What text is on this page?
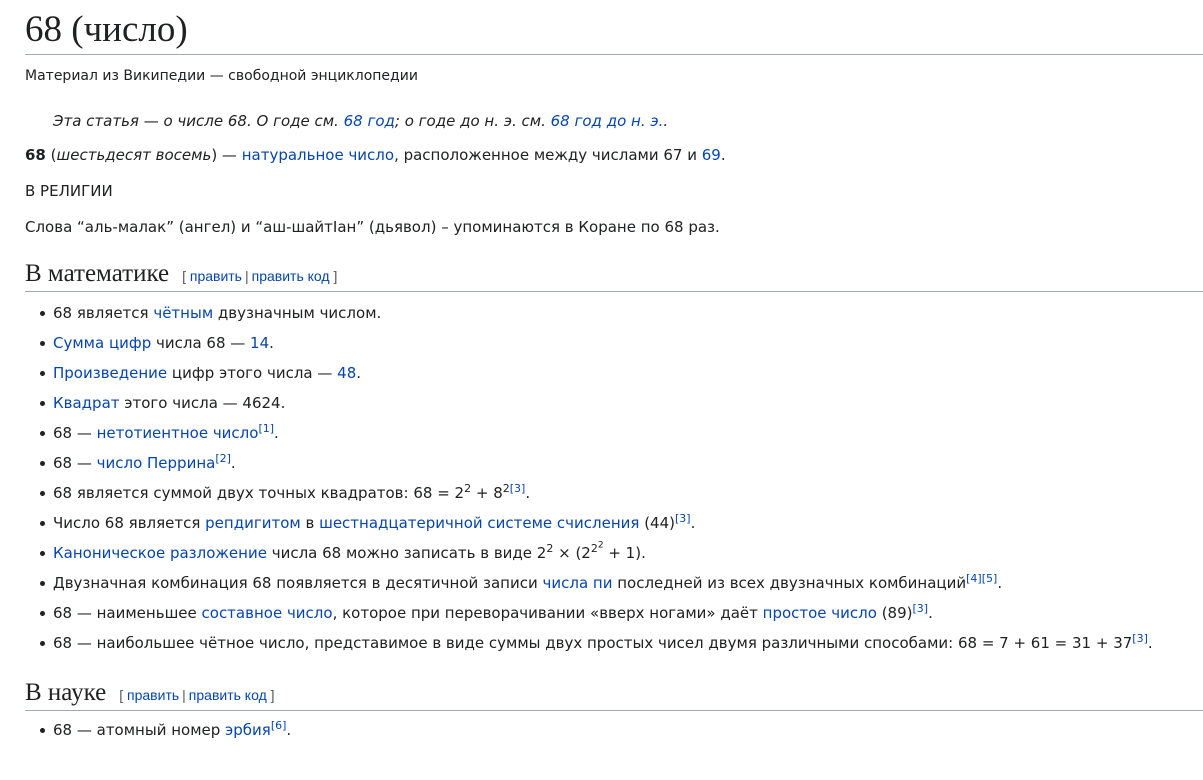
68 (число)
Материал из Википедии — свободной энциклопедии
Эта статья — о числе 68. О годе см. 68 год; о годе до н. э. см. 68 год до н. э..

68 (шестьдесят восемь) — натуральное число, расположенное между числами 67 и 69.

В РЕЛИГИИ

Слова “аль-малак” (ангел) и “аш-шайтIан” (дьявол) – упоминаются в Коране по 68 раз.

В математике [ править | править код ]
68 является чётным двузначным числом.
Сумма цифр числа 68 — 14.
Произведение цифр этого числа — 48.
Квадрат этого числа — 4624.
68 — нетотиентное число[1].
68 — число Перрина[2].
68 является суммой двух точных квадратов: $68 = 2^2 + 8^{2[3]}$.
Число 68 является репдигитом в шестнадцатеричной системе счисления (44)[3].
Каноническое разложение числа 68 можно записать в виде $2^2 \times (2^{2^2} + 1)$.
Двузначная комбинация 68 появляется в десятичной записи числа пи последней из всех двузначных комбинаций[4][5].
68 — наименьшее составное число, которое при переворачивании «вверх ногами» даёт простое число (89)[3].
68 — наибольшее чётное число, представимое в виде суммы двух простых чисел двумя различными способами: 68 = 7 + 61 = 31 + 37[3].
В науке [ править | править код ]
68 — атомный номер эрбия[6].
